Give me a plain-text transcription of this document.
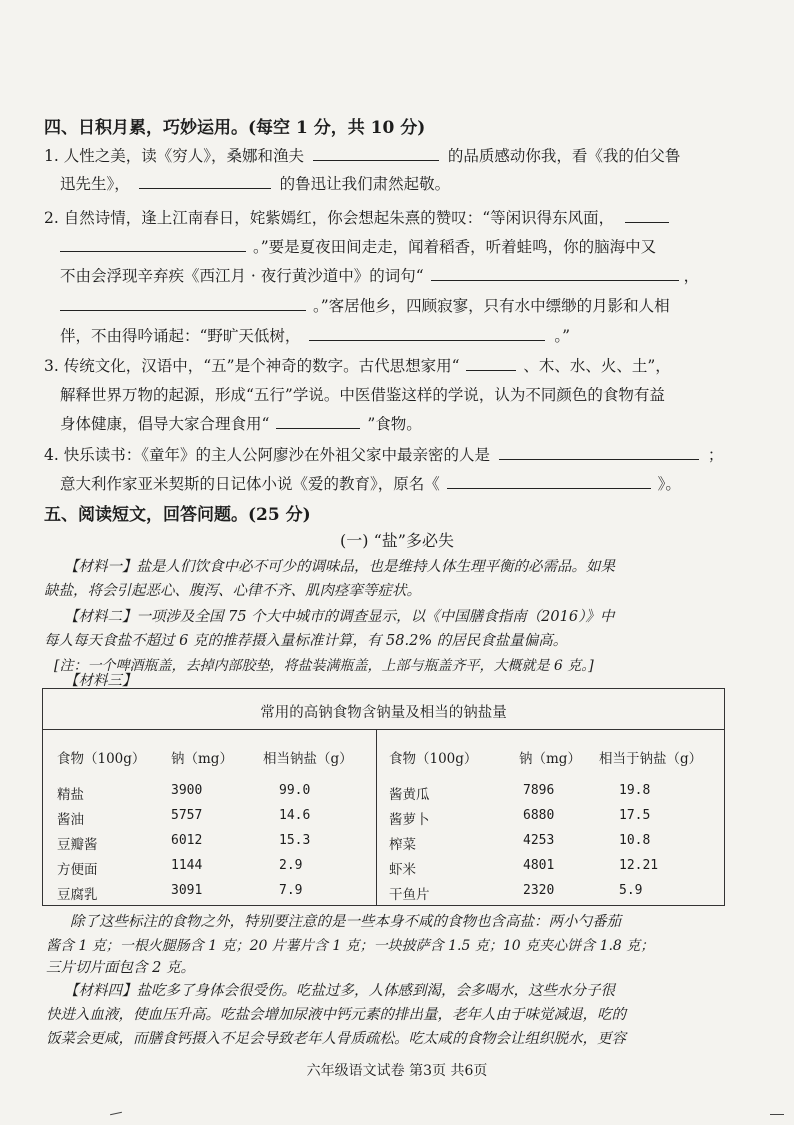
四、日积月累，巧妙运用。(每空 1 分，共 10 分)
1. 人性之美，读《穷人》，桑娜和渔夫	的品质感动你我，看《我的伯父鲁
迅先生》，	的鲁迅让我们肃然起敬。
2. 自然诗情，逢上江南春日，姹紫嫣红，你会想起朱熹的赞叹：“等闲识得东风面，
。”要是夏夜田间走走，闻着稻香，听着蛙鸣，你的脑海中又
不由会浮现辛弃疾《西江月 · 夜行黄沙道中》的词句“	，
。”客居他乡，四顾寂寥，只有水中缥缈的月影和人相
伴，不由得吟诵起：“野旷天低树，	。”
3. 传统文化，汉语中，“五”是个神奇的数字。古代思想家用“	、木、水、火、土”，
解释世界万物的起源，形成“五行”学说。中医借鉴这样的学说，认为不同颜色的食物有益
身体健康，倡导大家合理食用“	”食物。
4. 快乐读书：《童年》的主人公阿廖沙在外祖父家中最亲密的人是	；
意大利作家亚米契斯的日记体小说《爱的教育》，原名《	》。
五、阅读短文，回答问题。(25 分)
(一) “盐”多必失
【材料一】盐是人们饮食中必不可少的调味品，也是维持人体生理平衡的必需品。如果
缺盐，将会引起恶心、腹泻、心律不齐、肌肉痉挛等症状。
【材料二】一项涉及全国 75 个大中城市的调查显示，以《中国膳食指南（2016）》中
每人每天食盐不超过 6 克的推荐摄入量标准计算，有 58.2% 的居民食盐量偏高。
[注：一个啤酒瓶盖，去掉内部胶垫，将盐装满瓶盖，上部与瓶盖齐平，大概就是 6 克。]
【材料三】
常用的高钠食物含钠量及相当的钠盐量
食物（100g） 钠（mg） 相当钠盐（g）	食物（100g）	钠（mg） 相当于钠盐（g）
精盐	3900	99.0
酱油	5757	14.6
豆瓣酱	6012	15.3
方便面	1144	2.9
豆腐乳	3091	7.9
酱黄瓜	7896	19.8
酱萝卜	6880	17.5
榨菜	4253	10.8
虾米	4801	12.21
干鱼片	2320	5.9
除了这些标注的食物之外，特别要注意的是一些本身不咸的食物也含高盐：两小勺番茄
酱含 1 克；一根火腿肠含 1 克；20 片薯片含 1 克；一块披萨含 1.5 克；10 克夹心饼含 1.8 克；
三片切片面包含 2 克。
【材料四】盐吃多了身体会很受伤。吃盐过多，人体感到渴，会多喝水，这些水分子很
快进入血液，使血压升高。吃盐会增加尿液中钙元素的排出量，老年人由于味觉减退，吃的
饭菜会更咸，而膳食钙摄入不足会导致老年人骨质疏松。吃太咸的食物会让组织脱水，更容
六年级语文试卷 第3页 共6页
